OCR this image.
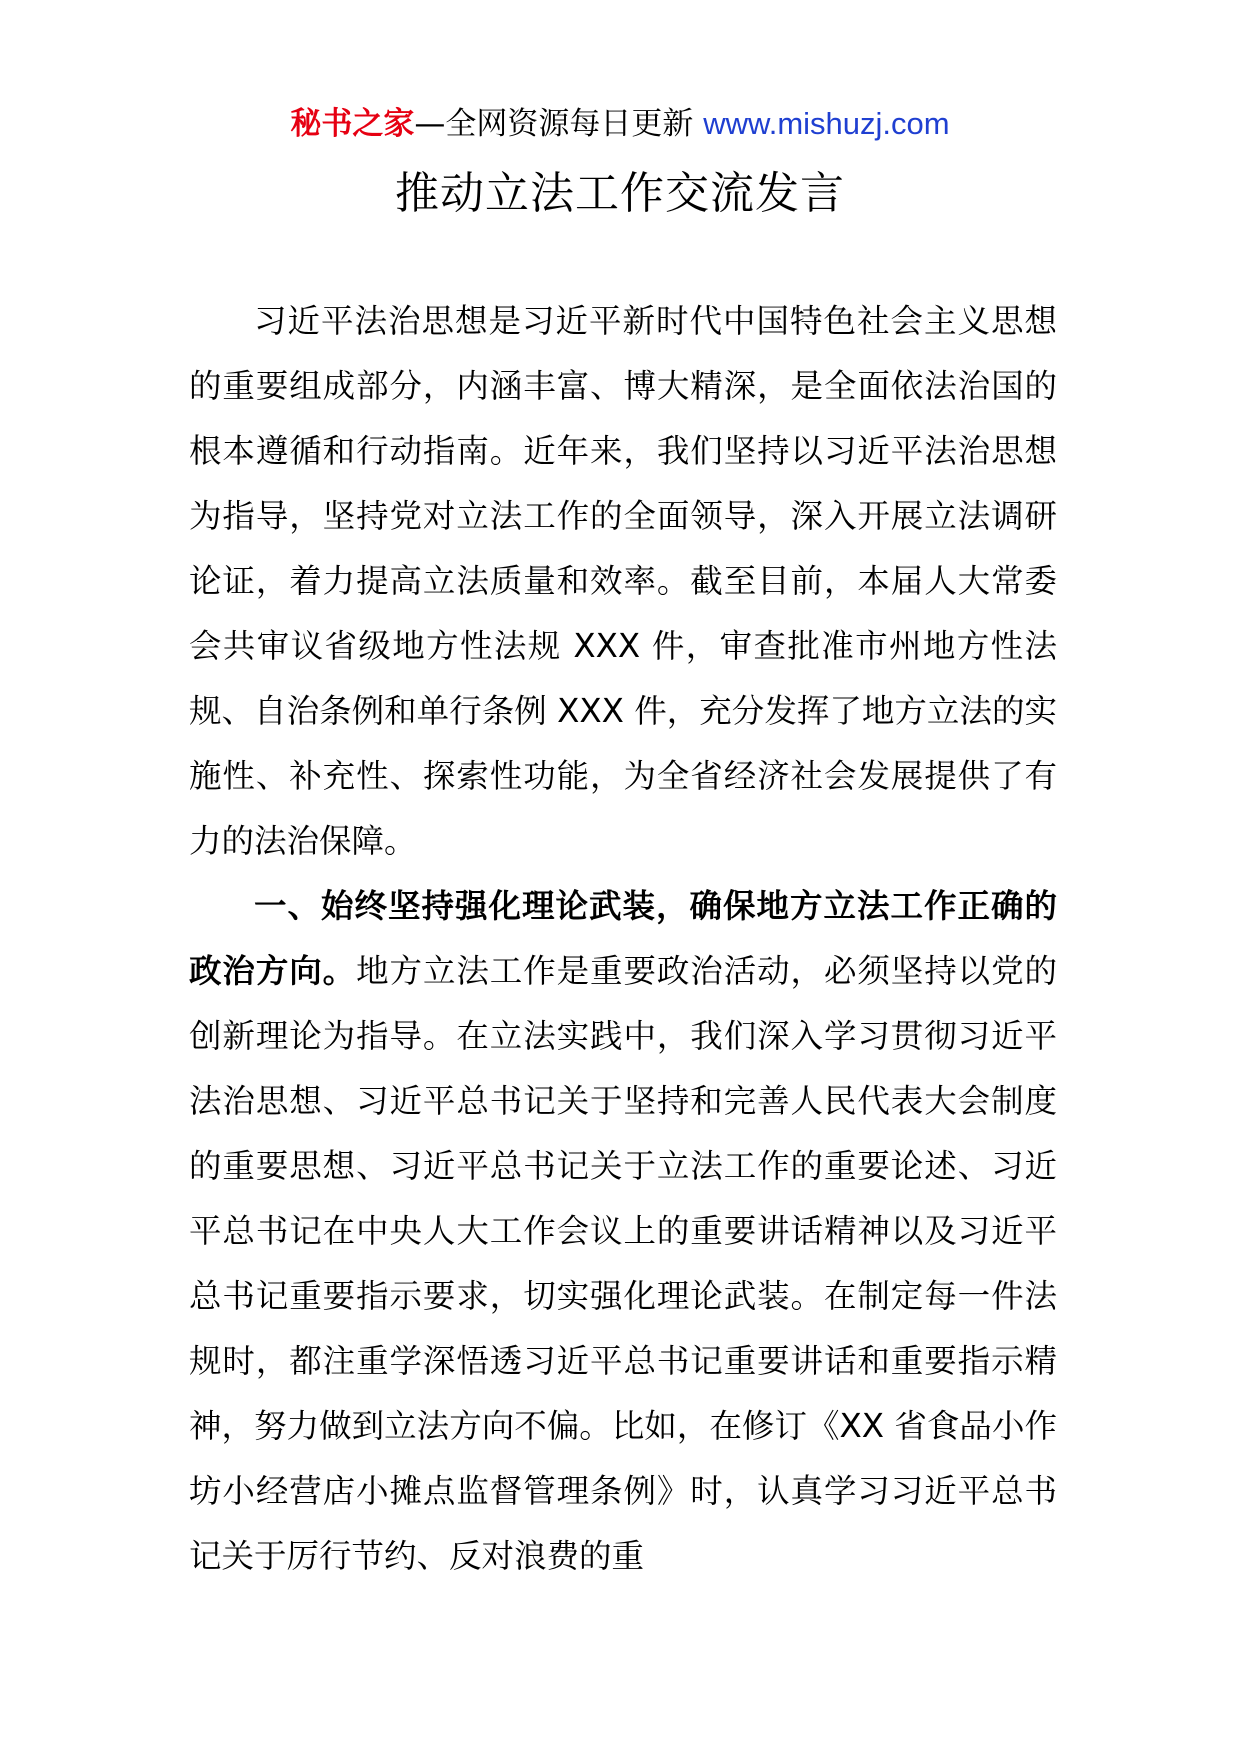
秘书之家—全网资源每日更新 www.mishuzj.com
推动立法工作交流发言

习近平法治思想是习近平新时代中国特色社会主义思想的重要组成部分，内涵丰富、博大精深，是全面依法治国的根本遵循和行动指南。近年来，我们坚持以习近平法治思想为指导，坚持党对立法工作的全面领导，深入开展立法调研论证，着力提高立法质量和效率。截至目前，本届人大常委会共审议省级地方性法规 XXX 件，审查批准市州地方性法规、自治条例和单行条例 XXX 件，充分发挥了地方立法的实施性、补充性、探索性功能，为全省经济社会发展提供了有力的法治保障。

一、始终坚持强化理论武装，确保地方立法工作正确的政治方向。地方立法工作是重要政治活动，必须坚持以党的创新理论为指导。在立法实践中，我们深入学习贯彻习近平法治思想、习近平总书记关于坚持和完善人民代表大会制度的重要思想、习近平总书记关于立法工作的重要论述、习近平总书记在中央人大工作会议上的重要讲话精神以及习近平总书记重要指示要求，切实强化理论武装。在制定每一件法规时，都注重学深悟透习近平总书记重要讲话和重要指示精神，努力做到立法方向不偏。比如，在修订《XX 省食品小作坊小经营店小摊点监督管理条例》时，认真学习习近平总书记关于厉行节约、反对浪费的重
